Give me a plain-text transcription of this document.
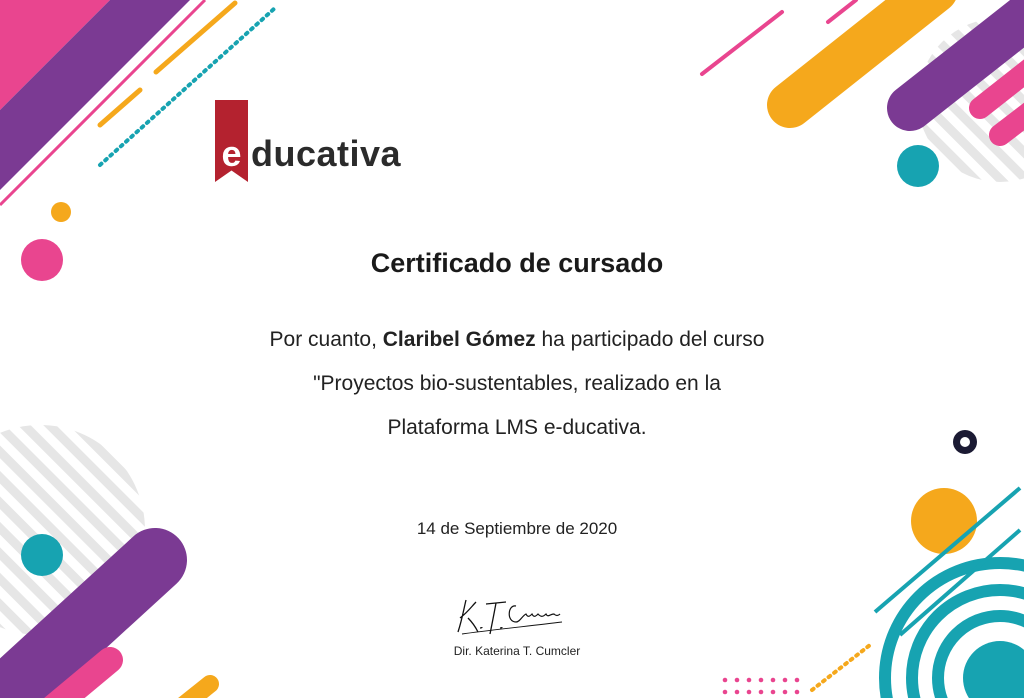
e ducativa
Certificado de cursado
Por cuanto, Claribel Gómez ha participado del curso
"Proyectos bio-sustentables, realizado en la
Plataforma LMS e-ducativa.
14 de Septiembre de 2020
Dir. Katerina T. Cumcler
